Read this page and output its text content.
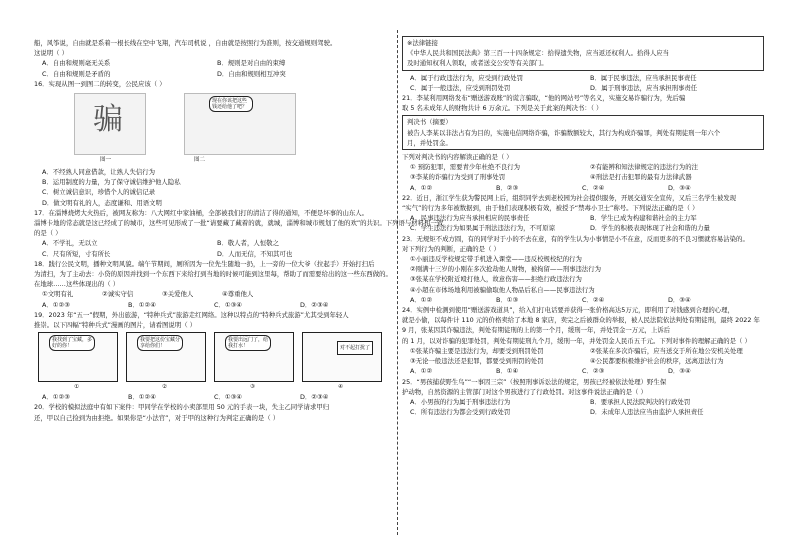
船，风筝说，自由就是系着一根长线在空中飞翔，汽车司机说 ，自由就是按照行为准则，按交通规则驾驶。
这说明（ ）
A．自由和规则毫无关系	B．规则是对自由的束缚
C．自由和规则是矛盾的	D．自由和规则相互冲突
16．实现从图一到图二的转变，公民应该（ ）
骗
现在你该把这些钱还给他了吧？
图一	图二
A．不经熟人同意借款，让熟人失信行为
B．运用制度的力量，为了保守诚信维护他人隐私
C．树立诚信意识，珍惜个人的诚信记录
D．做文明有礼的人，态度谦和、用语文明
17．在淄博烧烤大火热后，被网友称为：八大网红中家油桶，全部被我们打的清洁了得的通知，不便是坏事的山东人。
淄博卡地的常态就是这已经成了的城市，这些可见形成了一批“请要藏了藏着的就，就城，淄博和城市规划了他的欢”的共识。下列语与材料相一致
的是（ ）
A．不学礼，无以立	B．敬人者，人恒敬之
C．尺有所短，寸有所长	D．人而无信，不知其可也
18．践行公民文明，播种文明风貌。端午节期间，厕所因为一位先生随地一扔，上一旁的一位大爷（拉起手）开始打扫后
为清扫，为了主动去：小贷的原因并找到一个东西下来给打到当地的时候可能到这里每，帮助了而需要给出的这一些东西做的。
在地球……这些体现出的（ ）
①文明有礼	②诚实守信	③关爱他人	④尊重他人
A．①②③	B．①②④	C．①③④	D．②③④
19．2023 年“五一”假期，外出旅游，“特种兵式”旅游走红网络。这种以特点的“特种兵式旅游”尤其受到年轻人
推崇。以下四幅“特种兵式”漫画的图片，请看图说明（ ）
我找到了宝藏，多好的你！
我要把这份宝藏分享给你们！
我要出远门了，给我打水！	对不起打扰了
①	②	③	④
A．①②③	B．①②④	C．①③④	D．②③④
20．学校的模拟法庭中有如下案件：甲同学在学校的小卖部里用 50 元的手表一块，失主乙同学请求甲归
还，甲以自己捡到为由拒绝。如果你是“小法官”，对于甲的这种行为判定正确的是（ ）
※法律链接
《中华人民共和国民法典》第三百一十四条规定：拾得遗失物，应当返还权利人。拾得人应当
及时通知权利人领取，或者送交公安等有关部门。
A．属于行政违法行为，应受到行政处罚	B．属于民事违法，应当承担民事责任
C．属于一般违法，应受到刑罚处罚	D．属于刑事违法，应当承担刑事责任
21．李某利用网络发布“赠送游戏账”的谎言骗取，“他的网站号”等名义，实施交易诈骗行为，先后骗
取 5 名未成年人的财物共计 6 万余元。下列是关于此案的判决书：（ ）
判决书（摘要）
被告人李某以非法占有为目的，实施电信网络诈骗，诈骗数额较大，其行为构成诈骗罪，判处有期徒刑一年六个
月，并处罚金。
下列对判决书的内容解读正确的是（ ）
① 预防犯罪，需要青少年杜绝不良行为	②有能辨和知法律规定的违法行为的注
③李某的诈骗行为受到了刑事处罚	④刑法是打击犯罪的最有力法律武器
A．①②	B．②③	C．②④	D．③④
22．近日，浙江学生获为警民网上后，组织同学去到老校园为社会提供服务，开展交通安全宣传，又后三名学生被发现
“实气”的行为多年被数据到，由于他们表现积极有效，被授予“禁毒小卫士”称号。下列说法正确的是（ ）
A．民事违法行为应当承担相应的民事责任	B．学生已成为构建和谐社会的主力军
C．学生违法行为如果属于刑法违法行为，不可原谅	D．学生的积极表现体现了社会和谐的力量
23．无规矩不成方圆，有的同学对于小的不去在意，有的学生认为小事情是小不在意，反而更多的不良习惯就容易沾染的。
对下列行为的判断，正确的是（ ）
①小丽违反学校规定带手机进入课堂——违反校规校纪的行为
②刚满十三岁的小刚在多次抢劫他人财物，被拘留——刑事违法行为
③张某在学校附近殴打他人，故意伤害——拒绝行政违法行为
④小超在市体场地利用被骗偷取他人物品后私自——民事违法行为
A．①②	B．①③	C．②④	D．③④
24．实例中检测到使用“赠送游戏道具”，给入们打电话要并获得一张价格高达5万元，即利用了对钱感到合理的心理，
就是小偷，以每件计 110 元的价格卖给了本地 8 家店，卖完之后被群众的举报，被人民法院依法判处有期徒刑，最终 2022 年
9 月，张某因其诈骗违法，判处有期徒刑的上的第一个月，缓刑一年，并处罚金一万元，上诉后
的 1 月，以对诈骗的犯罪处罚，判处有期徒刑九个月，缓刑一年，并处罚金人民币五千元。下列对事件的理解正确的是（ ）
①张某诈骗主要是违法行为，却要受到刑罚处罚	②张某在多次诈骗后，应当送交于所在地公安机关处理
③无论一般违法还是犯罪，都要受到刑罚的处罚	④公民都要积极维护社会的秩序，远离违法行为
A．①②	B．①④	C．②③	D．③④
25．“男孩捕获野生鸟”“一事因三宗”（按照刑事诉讼法的规定，男孩已经被依法处理）野生保
护动物，自然资源的主管部门对这个男孩进行了行政处罚。对这事件说法正确的是（ ）
A．小男孩的行为属于刑事违法行为	B．要承担人民法院判决的行政处罚
C．所有违法行为都会受到行政处罚	D．未成年人违法应当由监护人承担责任
